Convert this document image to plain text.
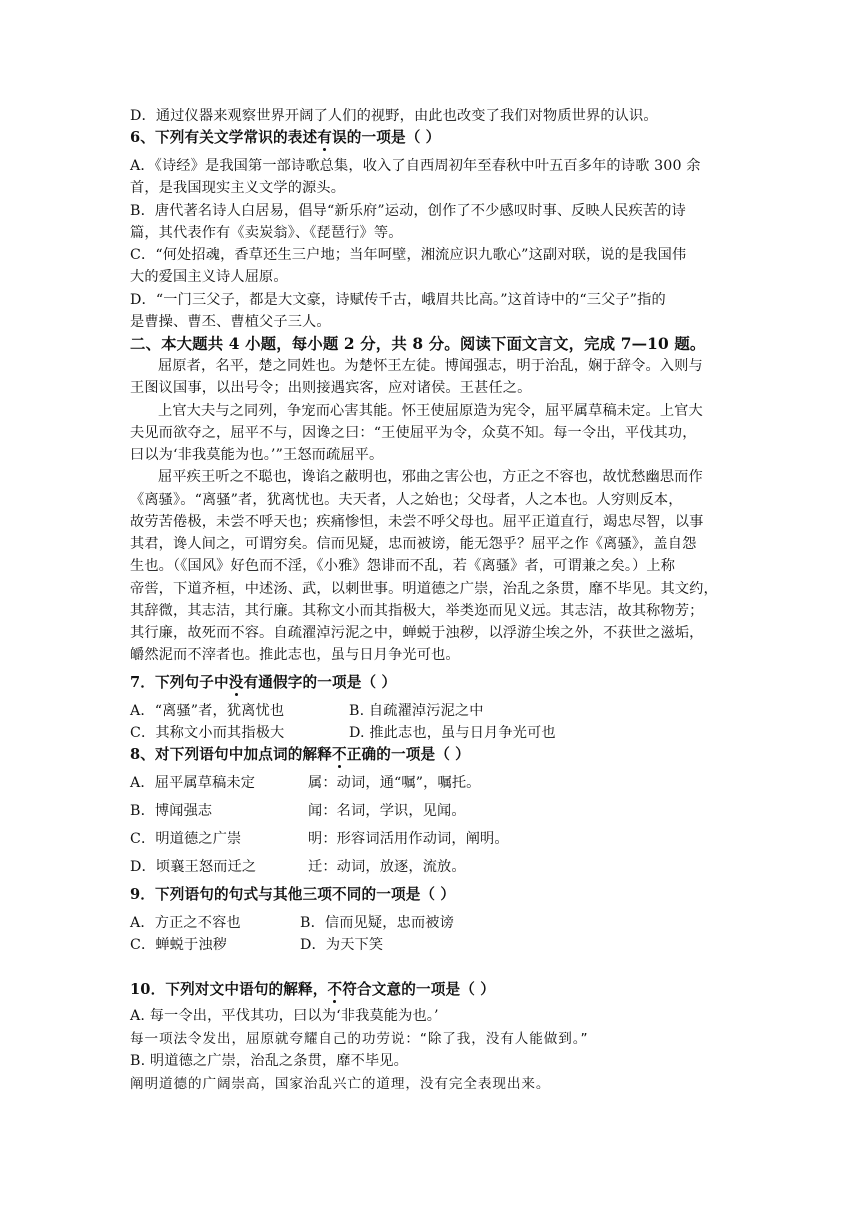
D．通过仪器来观察世界开阔了人们的视野，由此也改变了我们对物质世界的认识。
6、下列有关文学常识的表述有误的一项是（ ）
A．《诗经》是我国第一部诗歌总集，收入了自西周初年至春秋中叶五百多年的诗歌 300 余
首，是我国现实主义文学的源头。
B．唐代著名诗人白居易，倡导“新乐府”运动，创作了不少感叹时事、反映人民疾苦的诗
篇，其代表作有《卖炭翁》、《琵琶行》等。
C．“何处招魂，香草还生三户地；当年呵壁，湘流应识九歌心”这副对联，说的是我国伟
大的爱国主义诗人屈原。
D．“一门三父子，都是大文豪，诗赋传千古，峨眉共比高。”这首诗中的“三父子”指的
是曹操、曹丕、曹植父子三人。
二、本大题共 4 小题，每小题 2 分，共 8 分。阅读下面文言文，完成 7—10 题。
屈原者，名平，楚之同姓也。为楚怀王左徒。博闻强志，明于治乱，娴于辞令。入则与
王图议国事，以出号令；出则接遇宾客，应对诸侯。王甚任之。
上官大夫与之同列，争宠而心害其能。怀王使屈原造为宪令，屈平属草稿未定。上官大
夫见而欲夺之，屈平不与，因谗之曰：“王使屈平为令，众莫不知。每一令出，平伐其功，
曰以为‘非我莫能为也。’”王怒而疏屈平。
屈平疾王听之不聪也，谗谄之蔽明也，邪曲之害公也，方正之不容也，故忧愁幽思而作
《离骚》。“离骚”者，犹离忧也。夫天者，人之始也；父母者，人之本也。人穷则反本，
故劳苦倦极，未尝不呼天也；疾痛惨怛，未尝不呼父母也。屈平正道直行，竭忠尽智，以事
其君，谗人间之，可谓穷矣。信而见疑，忠而被谤，能无怨乎？屈平之作《离骚》，盖自怨
生也。（《国风》好色而不淫，《小雅》怨诽而不乱，若《离骚》者，可谓兼之矣。）上称
帝喾，下道齐桓，中述汤、武，以刺世事。明道德之广崇，治乱之条贯，靡不毕见。其文约，
其辞微，其志洁，其行廉。其称文小而其指极大，举类迩而见义远。其志洁，故其称物芳；
其行廉，故死而不容。自疏濯淖污泥之中，蝉蜕于浊秽，以浮游尘埃之外，不获世之滋垢，
皭然泥而不滓者也。推此志也，虽与日月争光可也。
7．下列句子中没有通假字的一项是（ ）
A．“离骚”者，犹离忧也	B. 自疏濯淖污泥之中
C．其称文小而其指极大	D. 推此志也，虽与日月争光可也
8、对下列语句中加点词的解释不正确的一项是（ ）
A．屈平属草稿未定	属：动词，通“嘱”，嘱托。
B．博闻强志	闻：名词，学识，见闻。
C．明道德之广崇	明：形容词活用作动词，阐明。
D．顷襄王怒而迁之	迁：动词，放逐，流放。
9．下列语句的句式与其他三项不同的一项是（ ）
A．方正之不容也	B．信而见疑，忠而被谤
C．蝉蜕于浊秽	D．为天下笑
10．下列对文中语句的解释，不符合文意的一项是（ ）
A. 每一令出，平伐其功，曰以为‘非我莫能为也。’
每一项法令发出，屈原就夸耀自己的功劳说：“除了我，没有人能做到。”
B. 明道德之广崇，治乱之条贯，靡不毕见。
阐明道德的广阔崇高，国家治乱兴亡的道理，没有完全表现出来。
